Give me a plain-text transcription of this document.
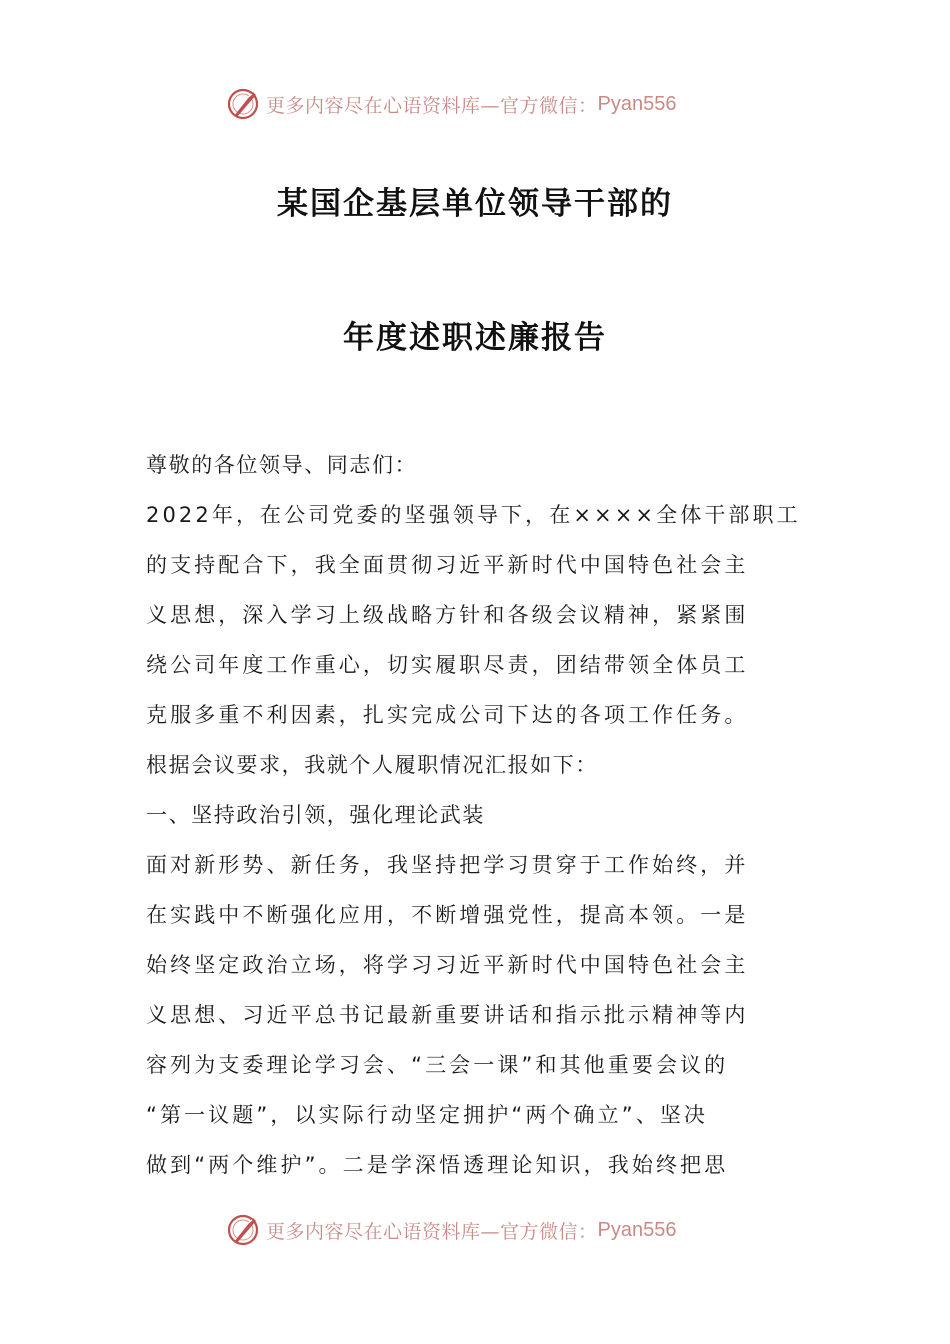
更多内容尽在心语资料库—官方微信： Pyan556
某国企基层单位领导干部的
年度述职述廉报告
尊敬的各位领导、同志们：
2022年，在公司党委的坚强领导下，在××××全体干部职工
的支持配合下，我全面贯彻习近平新时代中国特色社会主
义思想，深入学习上级战略方针和各级会议精神，紧紧围
绕公司年度工作重心，切实履职尽责，团结带领全体员工
克服多重不利因素，扎实完成公司下达的各项工作任务。
根据会议要求，我就个人履职情况汇报如下：
一、坚持政治引领，强化理论武装
面对新形势、新任务，我坚持把学习贯穿于工作始终，并
在实践中不断强化应用，不断增强党性，提高本领。一是
始终坚定政治立场，将学习习近平新时代中国特色社会主
义思想、习近平总书记最新重要讲话和指示批示精神等内
容列为支委理论学习会、“三会一课”和其他重要会议的
“第一议题”，以实际行动坚定拥护“两个确立”、坚决
做到“两个维护”。二是学深悟透理论知识，我始终把思
更多内容尽在心语资料库—官方微信： Pyan556
